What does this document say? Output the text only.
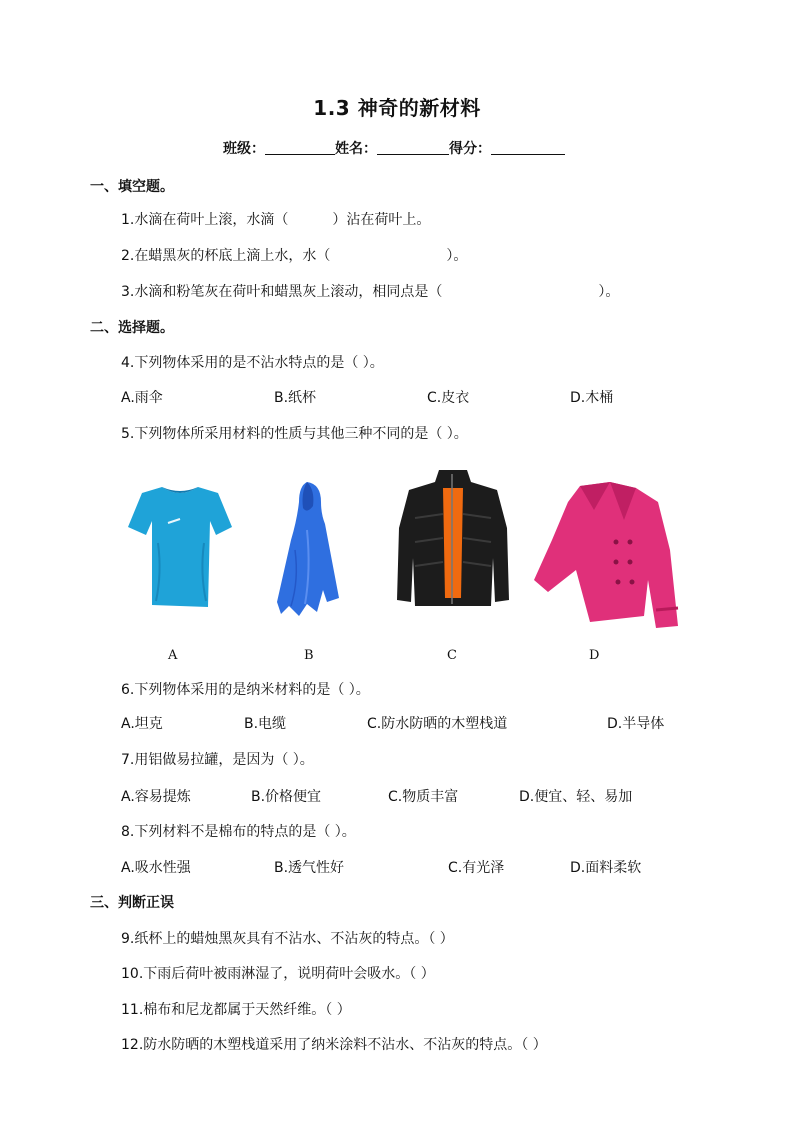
1.3 神奇的新材料
班级：	姓名：	得分：
一、填空题。
1.水滴在荷叶上滚，水滴（	）沾在荷叶上。
2.在蜡黑灰的杯底上滴上水，水（	）。
3.水滴和粉笔灰在荷叶和蜡黑灰上滚动，相同点是（	）。
二、选择题。
4.下列物体采用的是不沾水特点的是（ ）。
A.雨伞	B.纸杯	C.皮衣	D.木桶
5.下列物体所采用材料的性质与其他三种不同的是（ ）。
A	B	C	D
6.下列物体采用的是纳米材料的是（ ）。
A.坦克	B.电缆	C.防水防晒的木塑栈道	D.半导体
7.用铝做易拉罐，是因为（ ）。
A.容易提炼	B.价格便宜	C.物质丰富	D.便宜、轻、易加
8.下列材料不是棉布的特点的是（ ）。
A.吸水性强	B.透气性好	C.有光泽	D.面料柔软
三、判断正误
9.纸杯上的蜡烛黑灰具有不沾水、不沾灰的特点。（ ）
10.下雨后荷叶被雨淋湿了，说明荷叶会吸水。（ ）
11.棉布和尼龙都属于天然纤维。（ ）
12.防水防晒的木塑栈道采用了纳米涂料不沾水、不沾灰的特点。（ ）
